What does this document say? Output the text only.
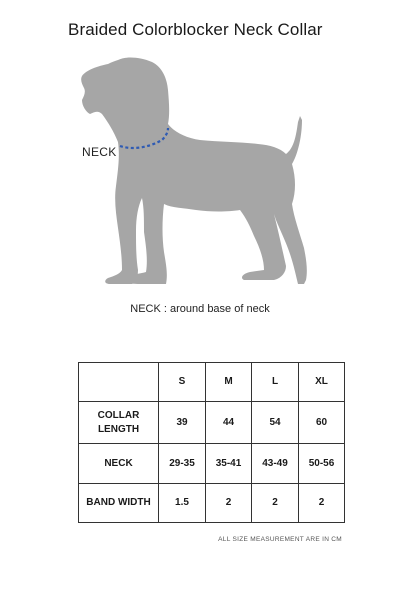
Braided Colorblocker Neck Collar
NECK
NECK : around base of neck
	S	M	L	XL
COLLAR LENGTH	39	44	54	60
NECK	29-35	35-41	43-49	50-56
BAND WIDTH	1.5	2	2	2
ALL SIZE MEASUREMENT ARE IN CM
